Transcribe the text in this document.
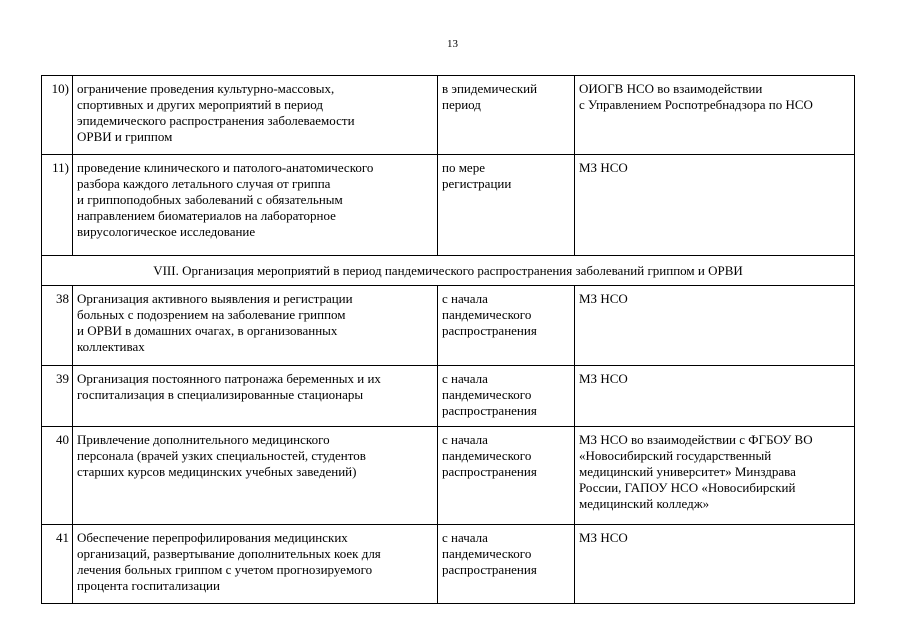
13
10)	ограничение проведения культурно-массовых,
спортивных и других мероприятий в период
эпидемического распространения заболеваемости
ОРВИ и гриппом	в эпидемический
период	ОИОГВ НСО во взаимодействии
с Управлением Роспотребнадзора по НСО

11)	проведение клинического и патолого-анатомического
разбора каждого летального случая от гриппа
и гриппоподобных заболеваний с обязательным
направлением биоматериалов на лабораторное
вирусологическое исследование	по мере
регистрации	МЗ НСО

VIII. Организация мероприятий в период пандемического распространения заболеваний гриппом и ОРВИ			
38	Организация активного выявления и регистрации
больных с подозрением на заболевание гриппом
и ОРВИ в домашних очагах, в организованных
коллективах	с начала
пандемического
распространения	МЗ НСО

39	Организация постоянного патронажа беременных и их
госпитализация в специализированные стационары	с начала
пандемического
распространения	МЗ НСО

40	Привлечение дополнительного медицинского
персонала (врачей узких специальностей, студентов
старших курсов медицинских учебных заведений)	с начала
пандемического
распространения	МЗ НСО во взаимодействии с ФГБОУ ВО
«Новосибирский государственный
медицинский университет» Минздрава
России, ГАПОУ НСО «Новосибирский
медицинский колледж»

41	Обеспечение перепрофилирования медицинских
организаций, развертывание дополнительных коек для
лечения больных гриппом с учетом прогнозируемого
процента госпитализации	с начала
пандемического
распространения	МЗ НСО
